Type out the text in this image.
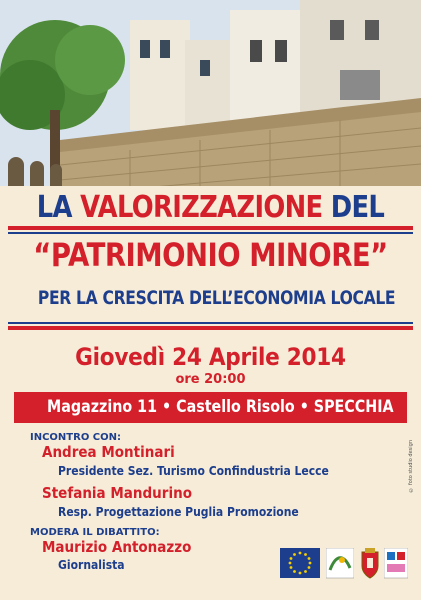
LA VALORIZZAZIONE DEL
“PATRIMONIO MINORE”
PER LA CRESCITA DELL’ECONOMIA LOCALE
Giovedì 24 Aprile 2014
ore 20:00
Magazzino 11 • Castello Risolo • SPECCHIA
INCONTRO CON:
Andrea Montinari
Presidente Sez. Turismo Confindustria Lecce
Stefania Mandurino
Resp. Progettazione Puglia Promozione
MODERA IL DIBATTITO:
Maurizio Antonazzo
Giornalista
© foto studio design
